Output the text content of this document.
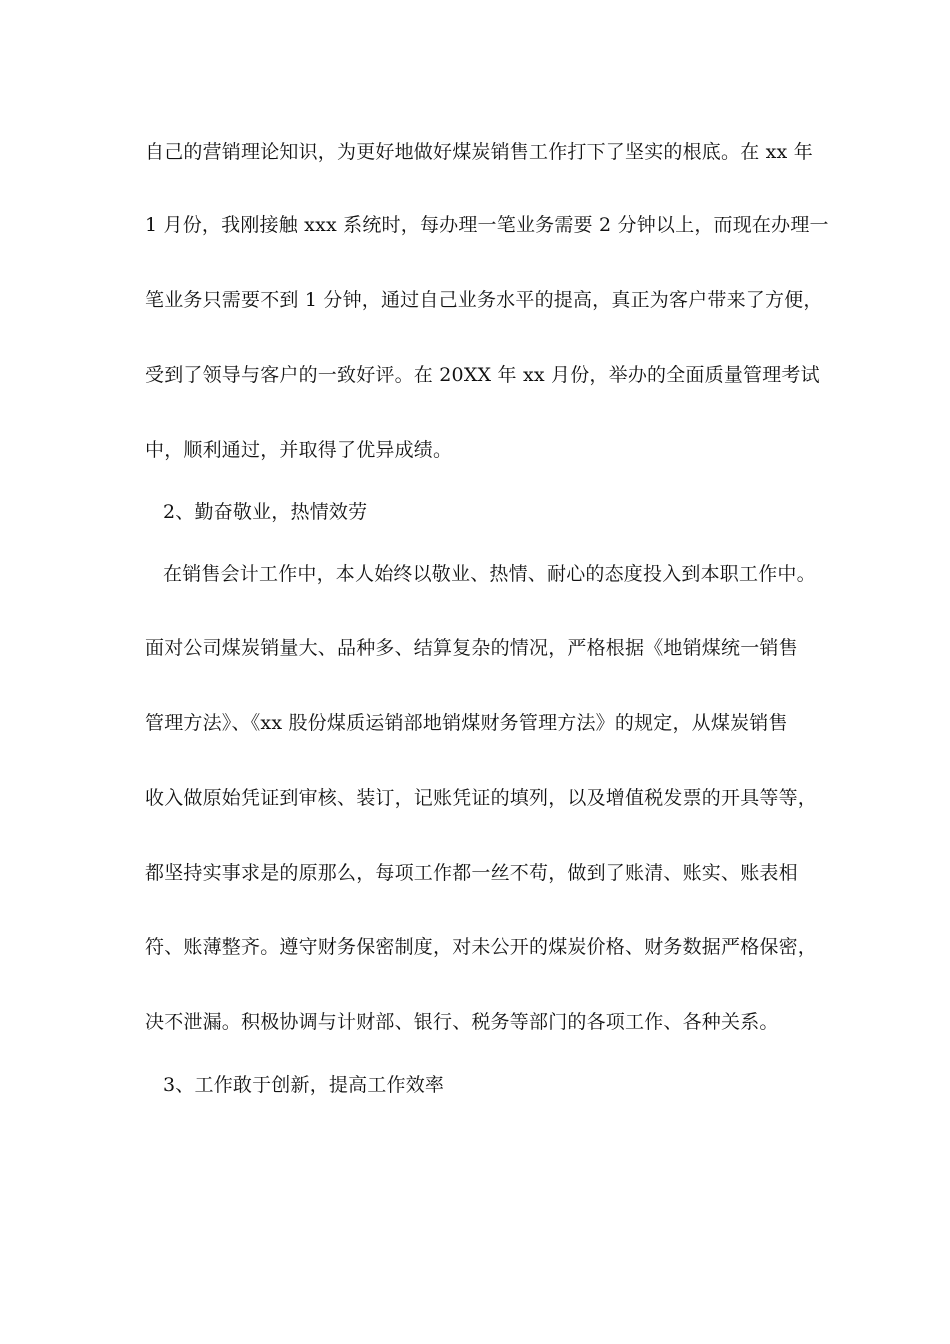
自己的营销理论知识，为更好地做好煤炭销售工作打下了坚实的根底。在 xx 年
1 月份，我刚接触 xxx 系统时，每办理一笔业务需要 2 分钟以上，而现在办理一
笔业务只需要不到 1 分钟，通过自己业务水平的提高，真正为客户带来了方便，
受到了领导与客户的一致好评。在 20XX 年 xx 月份，举办的全面质量管理考试
中，顺利通过，并取得了优异成绩。
2、勤奋敬业，热情效劳
在销售会计工作中，本人始终以敬业、热情、耐心的态度投入到本职工作中。
面对公司煤炭销量大、品种多、结算复杂的情况，严格根据《地销煤统一销售
管理方法》、《xx 股份煤质运销部地销煤财务管理方法》的规定，从煤炭销售
收入做原始凭证到审核、装订，记账凭证的填列，以及增值税发票的开具等等，
都坚持实事求是的原那么，每项工作都一丝不苟，做到了账清、账实、账表相
符、账薄整齐。遵守财务保密制度，对未公开的煤炭价格、财务数据严格保密，
决不泄漏。积极协调与计财部、银行、税务等部门的各项工作、各种关系。
3、工作敢于创新，提高工作效率
